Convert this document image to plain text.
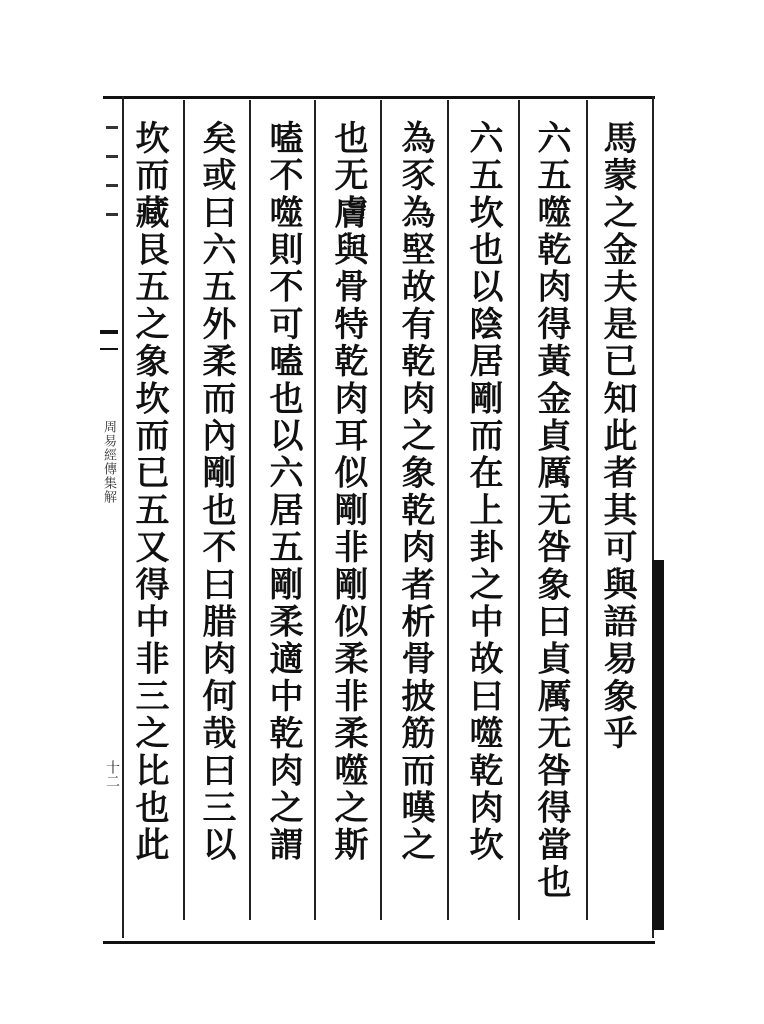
周易經傳集解
十二
馬蒙之金夫是已知此者其可與語易象乎
六五噬乾肉得黃金貞厲无咎象曰貞厲无咎得當也
六五坎也以陰居剛而在上卦之中故曰噬乾肉坎
為豕為堅故有乾肉之象乾肉者析骨披筋而暵之
也无膚與骨特乾肉耳似剛非剛似柔非柔噬之斯
嗑不噬則不可嗑也以六居五剛柔適中乾肉之謂
矣或曰六五外柔而內剛也不曰腊肉何哉曰三以
坎而藏艮五之象坎而已五又得中非三之比也此
